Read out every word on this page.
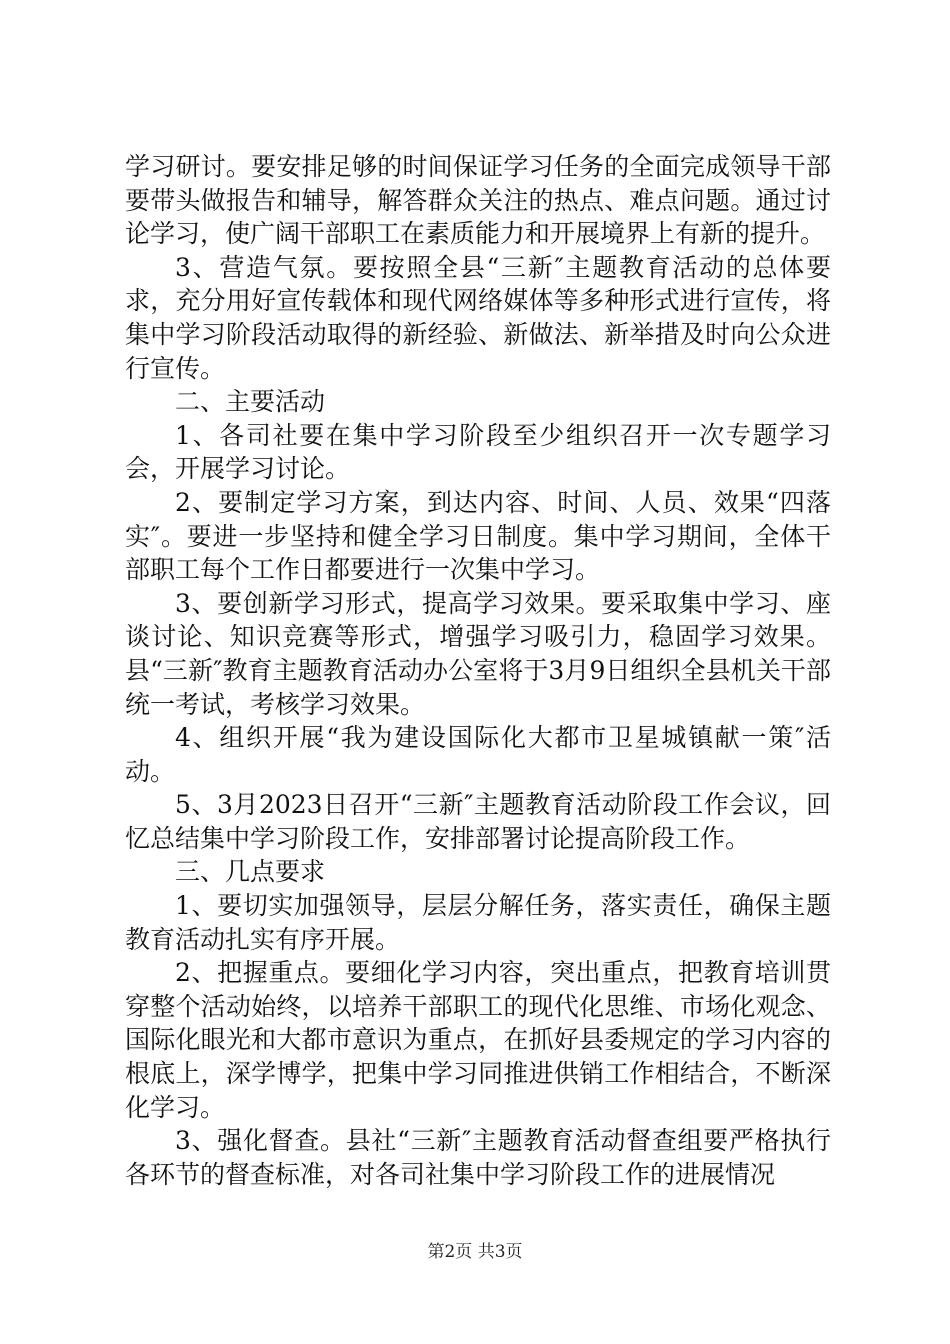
学习研讨。要安排足够的时间保证学习任务的全面完成领导干部要带头做报告和辅导，解答群众关注的热点、难点问题。通过讨论学习，使广阔干部职工在素质能力和开展境界上有新的提升。

3、营造气氛。要按照全县“三新″主题教育活动的总体要求，充分用好宣传载体和现代网络媒体等多种形式进行宣传，将集中学习阶段活动取得的新经验、新做法、新举措及时向公众进行宣传。

二、主要活动

1、各司社要在集中学习阶段至少组织召开一次专题学习会，开展学习讨论。

2、要制定学习方案，到达内容、时间、人员、效果“四落实″。要进一步坚持和健全学习日制度。集中学习期间，全体干部职工每个工作日都要进行一次集中学习。

3、要创新学习形式，提高学习效果。要采取集中学习、座谈讨论、知识竞赛等形式，增强学习吸引力，稳固学习效果。县“三新″教育主题教育活动办公室将于3月9日组织全县机关干部统一考试，考核学习效果。

4、组织开展“我为建设国际化大都市卫星城镇献一策″活动。

5、3月2023日召开“三新″主题教育活动阶段工作会议，回忆总结集中学习阶段工作，安排部署讨论提高阶段工作。

三、几点要求

1、要切实加强领导，层层分解任务，落实责任，确保主题教育活动扎实有序开展。

2、把握重点。要细化学习内容，突出重点，把教育培训贯穿整个活动始终，以培养干部职工的现代化思维、市场化观念、国际化眼光和大都市意识为重点，在抓好县委规定的学习内容的根底上，深学博学，把集中学习同推进供销工作相结合，不断深化学习。

3、强化督查。县社“三新″主题教育活动督查组要严格执行各环节的督查标准，对各司社集中学习阶段工作的进展情况

第2页 共3页
